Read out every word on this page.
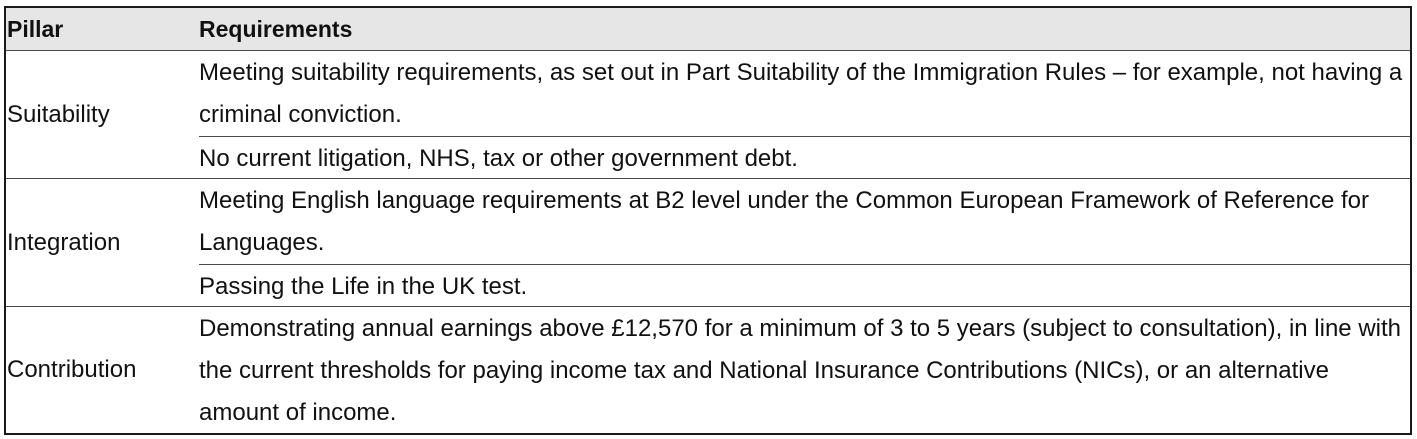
Pillar	Requirements
Suitability
Meeting suitability requirements, as set out in Part Suitability of the Immigration Rules – for example, not having a criminal conviction.
No current litigation, NHS, tax or other government debt.
Integration
Meeting English language requirements at B2 level under the Common European Framework of Reference for Languages.
Passing the Life in the UK test.
Contribution
Demonstrating annual earnings above £12,570 for a minimum of 3 to 5 years (subject to consultation), in line with the current thresholds for paying income tax and National Insurance Contributions (NICs), or an alternative amount of income.
